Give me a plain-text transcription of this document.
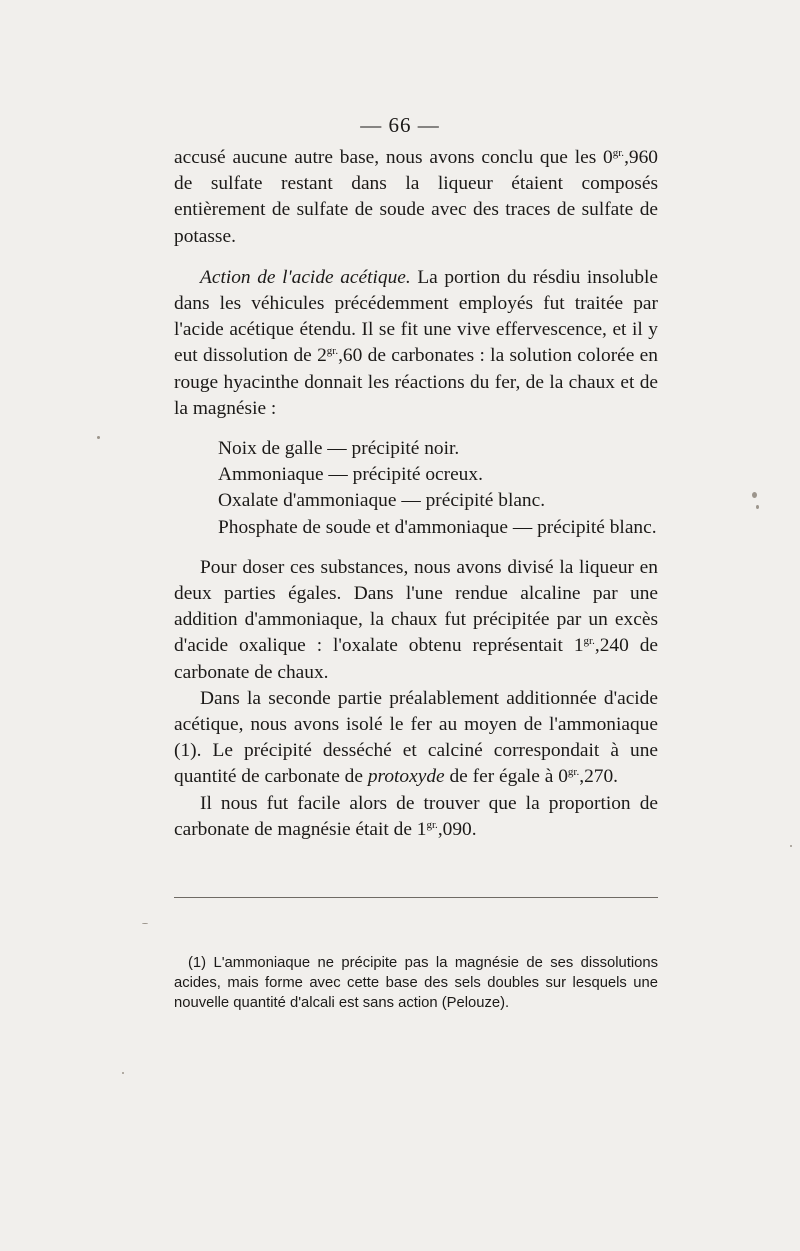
— 66 —

accusé aucune autre base, nous avons conclu que les $0^{gr.},960$ de sulfate restant dans la liqueur étaient composés entièrement de sulfate de soude avec des traces de sulfate de potasse.

Action de l'acide acétique. La portion du résdiu insoluble dans les véhicules précédemment employés fut traitée par l'acide acétique étendu. Il se fit une vive effervescence, et il y eut dissolution de $2^{gr.},60$ de carbonates : la solution colorée en rouge hyacinthe donnait les réactions du fer, de la chaux et de la magnésie :

Noix de galle — précipité noir.
Ammoniaque — précipité ocreux.
Oxalate d'ammoniaque — précipité blanc.
Phosphate de soude et d'ammoniaque — précipité blanc.

Pour doser ces substances, nous avons divisé la liqueur en deux parties égales. Dans l'une rendue alcaline par une addition d'ammoniaque, la chaux fut précipitée par un excès d'acide oxalique : l'oxalate obtenu représentait $1^{gr.},240$ de carbonate de chaux.

Dans la seconde partie préalablement additionnée d'acide acétique, nous avons isolé le fer au moyen de l'ammoniaque (1). Le précipité desséché et calciné correspondait à une quantité de carbonate de protoxyde de fer égale à $0^{gr.},270$.

Il nous fut facile alors de trouver que la proportion de carbonate de magnésie était de $1^{gr.},090$.

(1) L'ammoniaque ne précipite pas la magnésie de ses dissolutions acides, mais forme avec cette base des sels doubles sur lesquels une nouvelle quantité d'alcali est sans action (Pelouze).
